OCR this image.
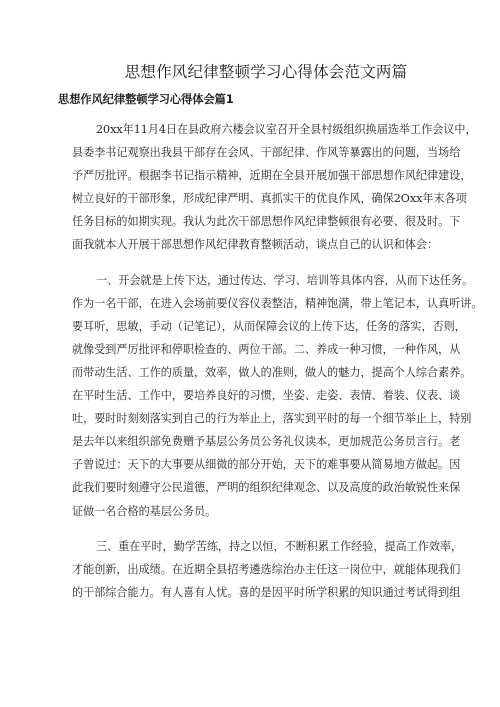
思想作风纪律整顿学习心得体会范文两篇
思想作风纪律整顿学习心得体会篇1
20xx年11月4日在县政府六楼会议室召开全县村级组织换届选举工作会议中，
县委李书记观察出我县干部存在会风、干部纪律、作风等暴露出的问题，当场给
予严厉批评。根据李书记指示精神，近期在全县开展加强干部思想作风纪律建设，
树立良好的干部形象，形成纪律严明、真抓实干的优良作风，确保2Oxx年末各项
任务目标的如期实现。我认为此次干部思想作风纪律整顿很有必要、很及时。下
面我就本人开展干部思想作风纪律教育整顿活动，谈点自己的认识和体会：
一、开会就是上传下达，通过传达、学习、培训等具体内容，从而下达任务。
作为一名干部，在进入会场前要仪容仪表整洁，精神饱满，带上笔记本，认真听讲。
要耳听，思敏，手动（记笔记），从而保障会议的上传下达，任务的落实，否则，
就像受到严厉批评和停职检查的、两位干部。二、养成一种习惯，一种作风，从
而带动生活、工作的质量，效率，做人的准则，做人的魅力，提高个人综合素养。
在平时生活、工作中，要培养良好的习惯，坐姿、走姿、表情、着装、仪表、谈
吐，要时时刻刻落实到自己的行为举止上，落实到平时的每一个细节举止上，特别
是去年以来组织部免费赠予基层公务员公务礼仪读本，更加规范公务员言行。老
子曾说过：天下的大事要从细微的部分开始，天下的难事要从简易地方做起。因
此我们要时刻遵守公民道德，严明的组织纪律观念、以及高度的政治敏锐性来保
证做一名合格的基层公务员。
三、重在平时，勤学苦练，持之以恒，不断积累工作经验，提高工作效率，
才能创新，出成绩。在近期全县招考遴选综治办主任这一岗位中，就能体现我们
的干部综合能力。有人喜有人忧。喜的是因平时所学积累的知识通过考试得到组
